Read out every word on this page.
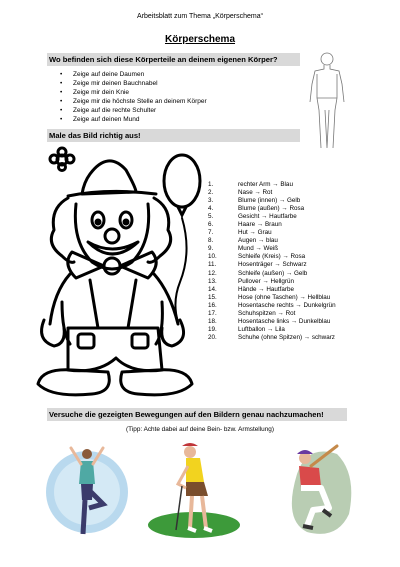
Arbeitsblatt zum Thema „Körperschema“
Körperschema
Wo befinden sich diese Körperteile an deinem eigenen Körper?
• Zeige auf deine Daumen
• Zeige mir deinen Bauchnabel
• Zeige mir dein Knie
• Zeige mir die höchste Stelle an deinem Körper
• Zeige auf die rechte Schulter
• Zeige auf deinen Mund
Male das Bild richtig aus!
1.	rechter Arm → Blau
2.	Nase → Rot
3.	Blume (innen) → Gelb
4.	Blume (außen) → Rosa
5.	Gesicht → Hautfarbe
6.	Haare → Braun
7.	Hut → Grau
8.	Augen → blau
9.	Mund → Weiß
10.	Schleife (Kreis) → Rosa
11.	Hosenträger → Schwarz
12.	Schleife (außen) → Gelb
13.	Pullover → Hellgrün
14.	Hände → Hautfarbe
15.	Hose (ohne Taschen) → Hellblau
16.	Hosentasche rechts → Dunkelgrün
17.	Schuhspitzen → Rot
18.	Hosentasche links → Dunkelblau
19.	Luftballon → Lila
20.	Schuhe (ohne Spitzen) → schwarz
Versuche die gezeigten Bewegungen auf den Bildern genau nachzumachen!
(Tipp: Achte dabei auf deine Bein- bzw. Armstellung)
